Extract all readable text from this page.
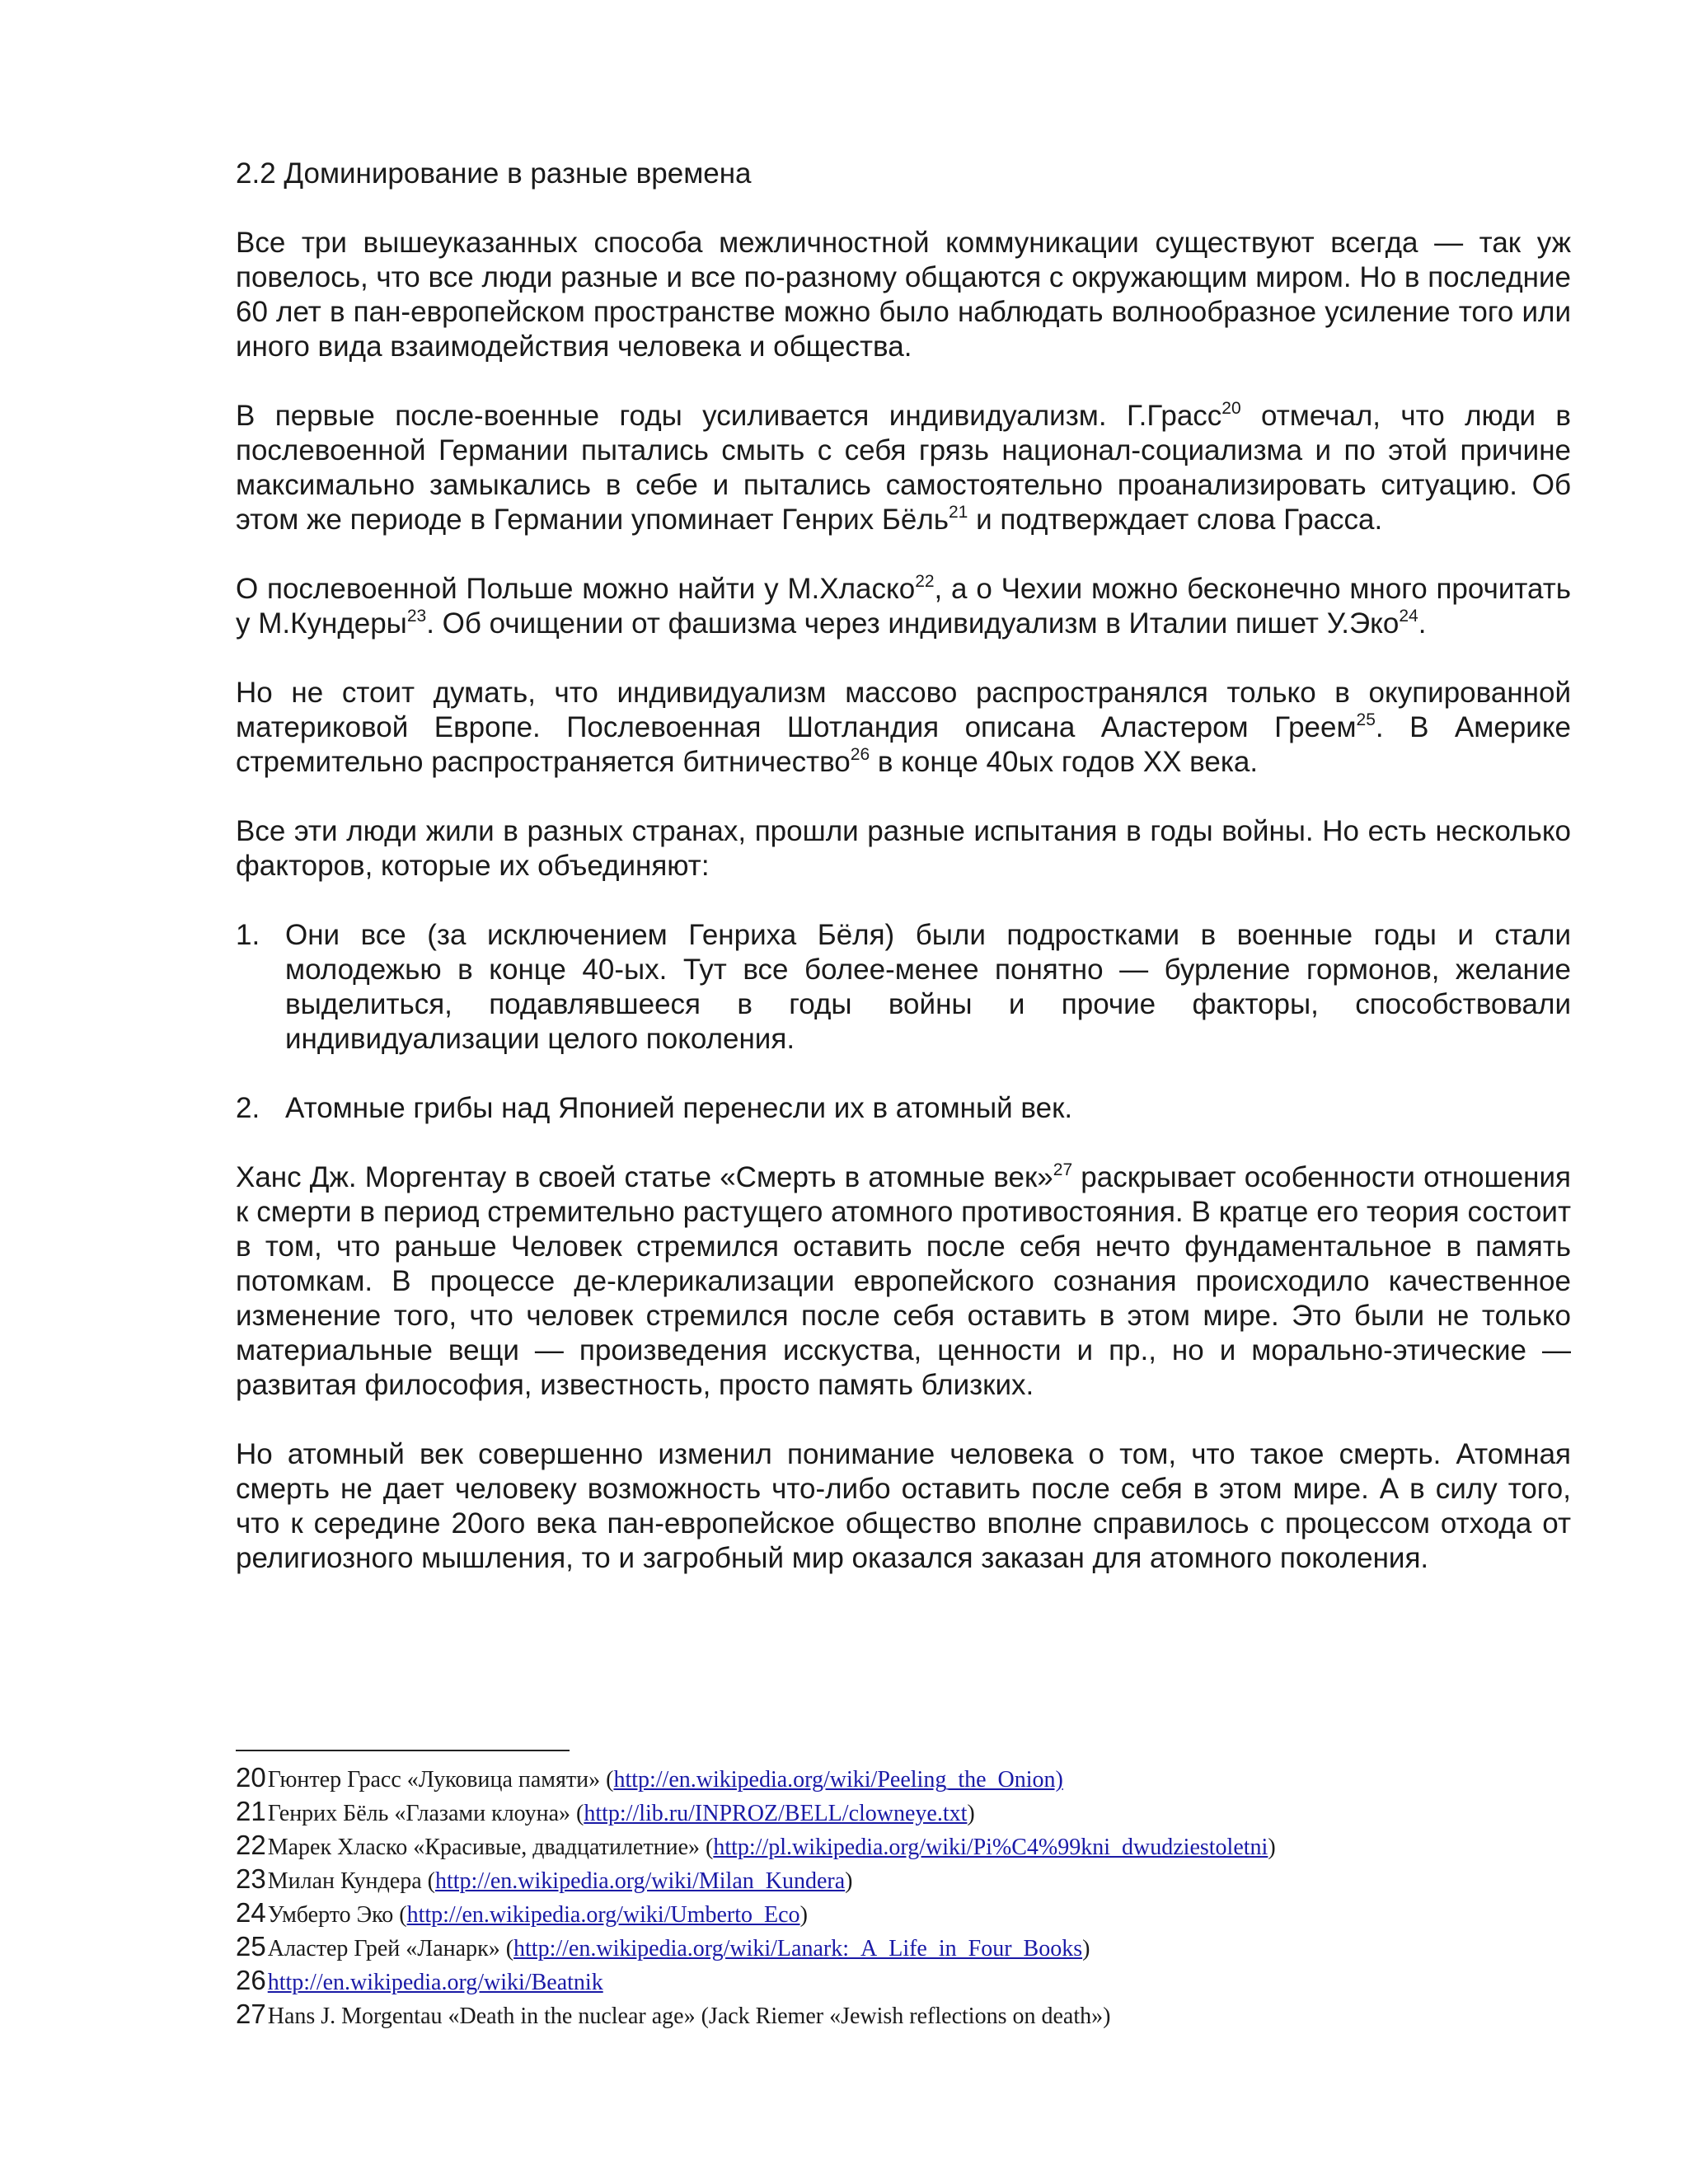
2.2 Доминирование в разные времена

Все три вышеуказанных способа межличностной коммуникации существуют всегда — так уж повелось, что все люди разные и все по-разному общаются с окружающим миром. Но в последние 60 лет в пан-европейском пространстве можно было наблюдать волнообразное усиление того или иного вида взаимодействия человека и общества.

В первые после-военные годы усиливается индивидуализм. Г.Грасс$^{20}$ отмечал, что люди в послевоенной Германии пытались смыть с себя грязь национал-социализма и по этой причине максимально замыкались в себе и пытались самостоятельно проанализировать ситуацию. Об этом же периоде в Германии упоминает Генрих Бёль$^{21}$ и подтверждает слова Грасса.

О послевоенной Польше можно найти у М.Хласко$^{22}$, а о Чехии можно бесконечно много прочитать у М.Кундеры$^{23}$. Об очищении от фашизма через индивидуализм в Италии пишет У.Эко$^{24}$.

Но не стоит думать, что индивидуализм массово распространялся только в окупированной материковой Европе. Послевоенная Шотландия описана Аластером Греем$^{25}$. В Америке стремительно распространяется битничество$^{26}$ в конце 40ых годов XX века.

Все эти люди жили в разных странах, прошли разные испытания в годы войны. Но есть несколько факторов, которые их объединяют:

1. Они все (за исключением Генриха Бёля) были подростками в военные годы и стали молодежью в конце 40-ых. Тут все более-менее понятно — бурление гормонов, желание выделиться, подавлявшееся в годы войны и прочие факторы, способствовали индивидуализации целого поколения.
2. Атомные грибы над Японией перенесли их в атомный век.

Ханс Дж. Моргентау в своей статье «Смерть в атомные век»$^{27}$ раскрывает особенности отношения к смерти в период стремительно растущего атомного противостояния. В кратце его теория состоит в том, что раньше Человек стремился оставить после себя нечто фундаментальное в память потомкам. В процессе де-клерикализации европейского сознания происходило качественное изменение того, что человек стремился после себя оставить в этом мире. Это были не только материальные вещи — произведения исскуства, ценности и пр., но и морально-этические — развитая философия, известность, просто память близких.

Но атомный век совершенно изменил понимание человека о том, что такое смерть. Атомная смерть не дает человеку возможность что-либо оставить после себя в этом мире. А в силу того, что к середине 20ого века пан-европейское общество вполне справилось с процессом отхода от религиозного мышления, то и загробный мир оказался заказан для атомного поколения.

20Гюнтер Грасс «Луковица памяти» (http://en.wikipedia.org/wiki/Peeling_the_Onion)
21Генрих Бёль «Глазами клоуна» (http://lib.ru/INPROZ/BELL/clowneye.txt)
22Марек Хласко «Красивые, двадцатилетние» (http://pl.wikipedia.org/wiki/Pi%C4%99kni_dwudziestoletni)
23Милан Кундера (http://en.wikipedia.org/wiki/Milan_Kundera)
24Умберто Эко (http://en.wikipedia.org/wiki/Umberto_Eco)
25Аластер Грей «Ланарк» (http://en.wikipedia.org/wiki/Lanark:_A_Life_in_Four_Books)
26http://en.wikipedia.org/wiki/Beatnik
27Hans J. Morgentau «Death in the nuclear age» (Jack Riemer «Jewish reflections on death»)
